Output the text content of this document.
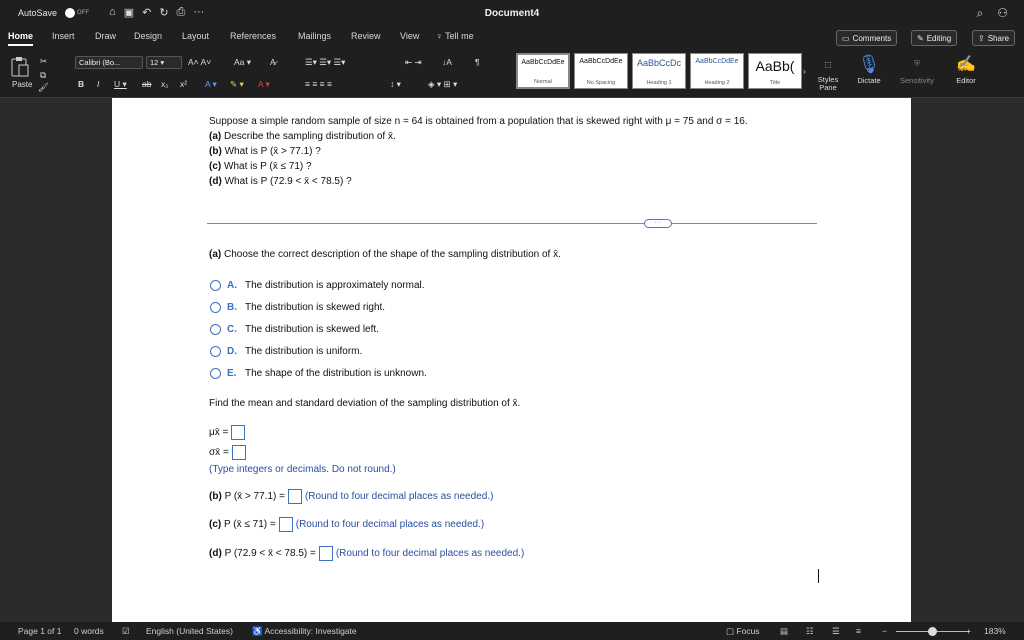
AutoSave	OFF ⌂ ▣ ↶ ↻ ⎙ ···	Document4	⌕ ⚇
Home Insert Draw Design Layout References Mailings Review View ♀ Tell me	▭ Comments	✎ Editing	⇪ Share
Paste
✂
⧉
🖌
Calibri (Bo...	12 ▾	A˄ A˅	Aa ▾ A̷
B I U ▾ ab x₂ x² A ▾ ✎ ▾ A ▾
☰▾ ☰▾ ☰▾	⇤ ⇥ ↓A	¶
≡ ≡ ≡ ≡	↕ ▾	◈ ▾ ⊞ ▾
AaBbCcDdEe
Normal
AaBbCcDdEe
No Spacing
AaBbCcDc
Heading 1
AaBbCcDdEe
Heading 2
AaBb(
Title
›
⬚
Styles Pane
🎙
Dictate
⛨
Sensitivity
✍
Editor
Suppose a simple random sample of size n = 64 is obtained from a population that is skewed right with μ = 75 and σ = 16.
(a) Describe the sampling distribution of x̄.
(b) What is P (x̄ > 77.1) ?
(c) What is P (x̄ ≤ 71) ?
(d) What is P (72.9 < x̄ < 78.5) ?
···
(a) Choose the correct description of the shape of the sampling distribution of x̄.
A. The distribution is approximately normal.
B. The distribution is skewed right.
C. The distribution is skewed left.
D. The distribution is uniform.
E. The shape of the distribution is unknown.
Find the mean and standard deviation of the sampling distribution of x̄.
μx̄ =
σx̄ =
(Type integers or decimals. Do not round.)
(b) P (x̄ > 77.1) = (Round to four decimal places as needed.)
(c) P (x̄ ≤ 71) = (Round to four decimal places as needed.)
(d) P (72.9 < x̄ < 78.5) = (Round to four decimal places as needed.)
Page 1 of 1 0 words ☑ English (United States) ♿ Accessibility: Investigate	▢ Focus ▤ ☷ ☰ ≡ −	+ 183%
